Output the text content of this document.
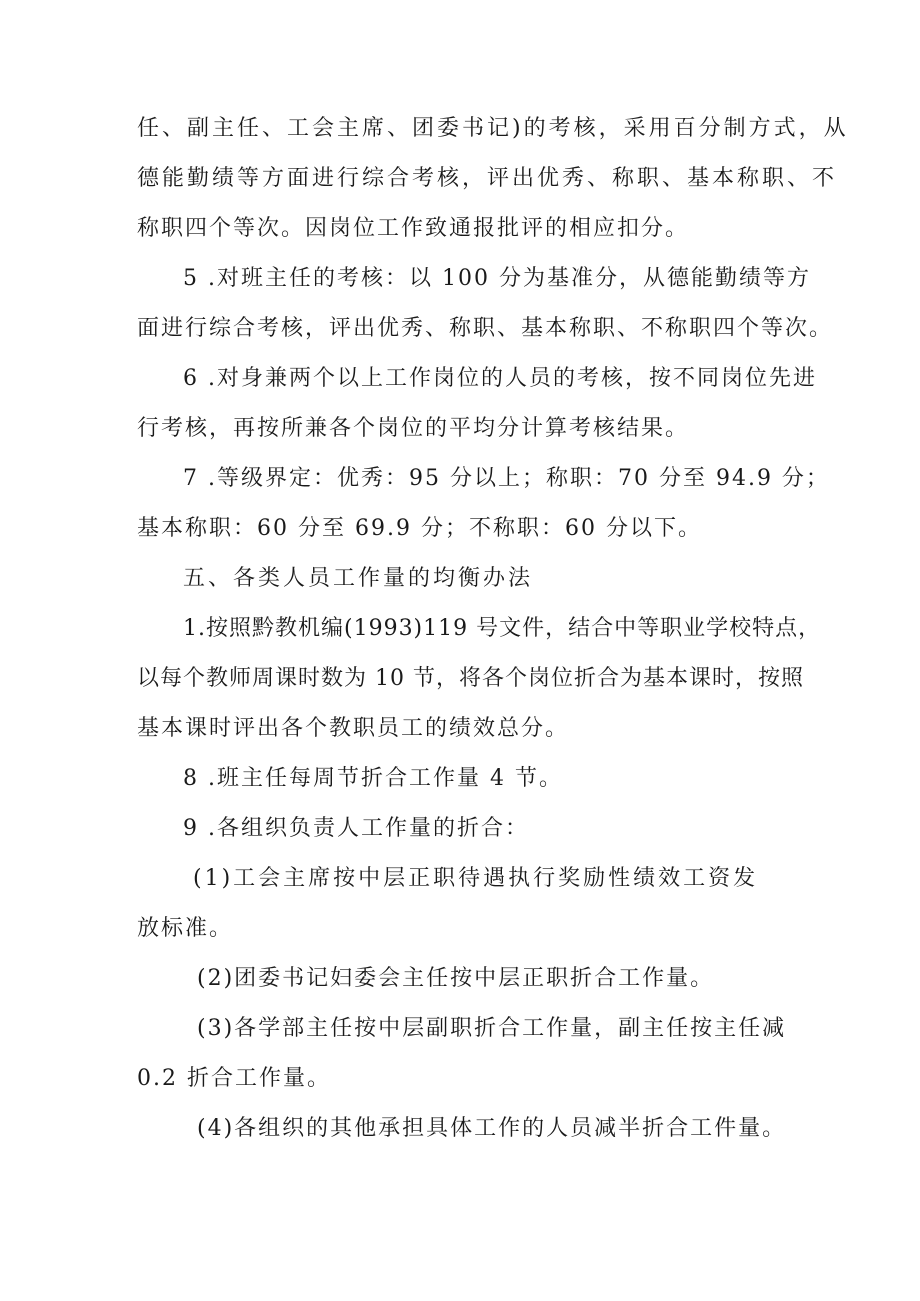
任、副主任、工会主席、团委书记)的考核，采用百分制方式，从
德能勤绩等方面进行综合考核，评出优秀、称职、基本称职、不
称职四个等次。因岗位工作致通报批评的相应扣分。
5 .对班主任的考核：以 100 分为基准分，从德能勤绩等方
面进行综合考核，评出优秀、称职、基本称职、不称职四个等次。
6 .对身兼两个以上工作岗位的人员的考核，按不同岗位先进
行考核，再按所兼各个岗位的平均分计算考核结果。
7 .等级界定：优秀：95 分以上；称职：70 分至 94.9 分；
基本称职：60 分至 69.9 分；不称职：60 分以下。
五、各类人员工作量的均衡办法
1.按照黔教机编(1993)119 号文件，结合中等职业学校特点，
以每个教师周课时数为 10 节，将各个岗位折合为基本课时，按照
基本课时评出各个教职员工的绩效总分。
8 .班主任每周节折合工作量 4 节。
9 .各组织负责人工作量的折合：
(1)工会主席按中层正职待遇执行奖励性绩效工资发
放标准。
(2)团委书记妇委会主任按中层正职折合工作量。
(3)各学部主任按中层副职折合工作量，副主任按主任减
0.2 折合工作量。
(4)各组织的其他承担具体工作的人员减半折合工件量。
